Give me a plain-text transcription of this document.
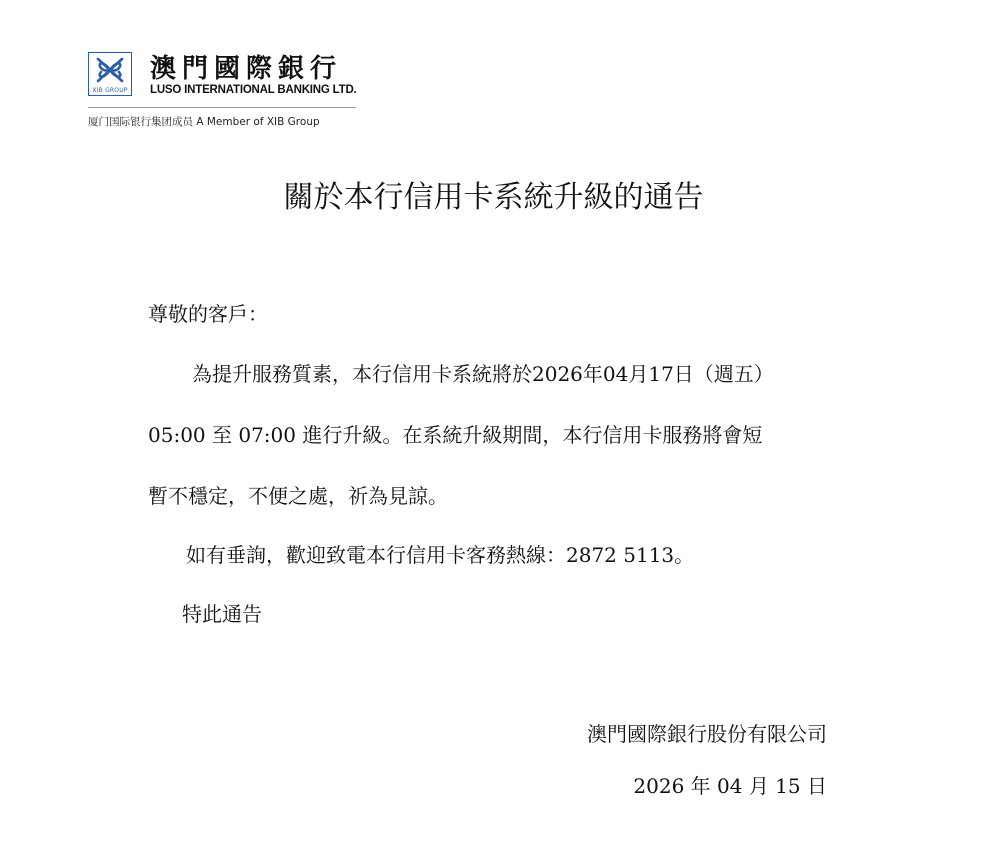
XIB GROUP
澳門國際銀行
LUSO INTERNATIONAL BANKING LTD.
厦门国际银行集团成员 A Member of XIB Group
關於本行信用卡系統升級的通告
尊敬的客戶：
為提升服務質素，本行信用卡系統將於2026年04月17日（週五）
05:00 至 07:00 進行升級。在系統升級期間，本行信用卡服務將會短
暫不穩定，不便之處，祈為見諒。
如有垂詢，歡迎致電本行信用卡客務熱線：2872 5113。
特此通告
澳門國際銀行股份有限公司
2026 年 04 月 15 日
